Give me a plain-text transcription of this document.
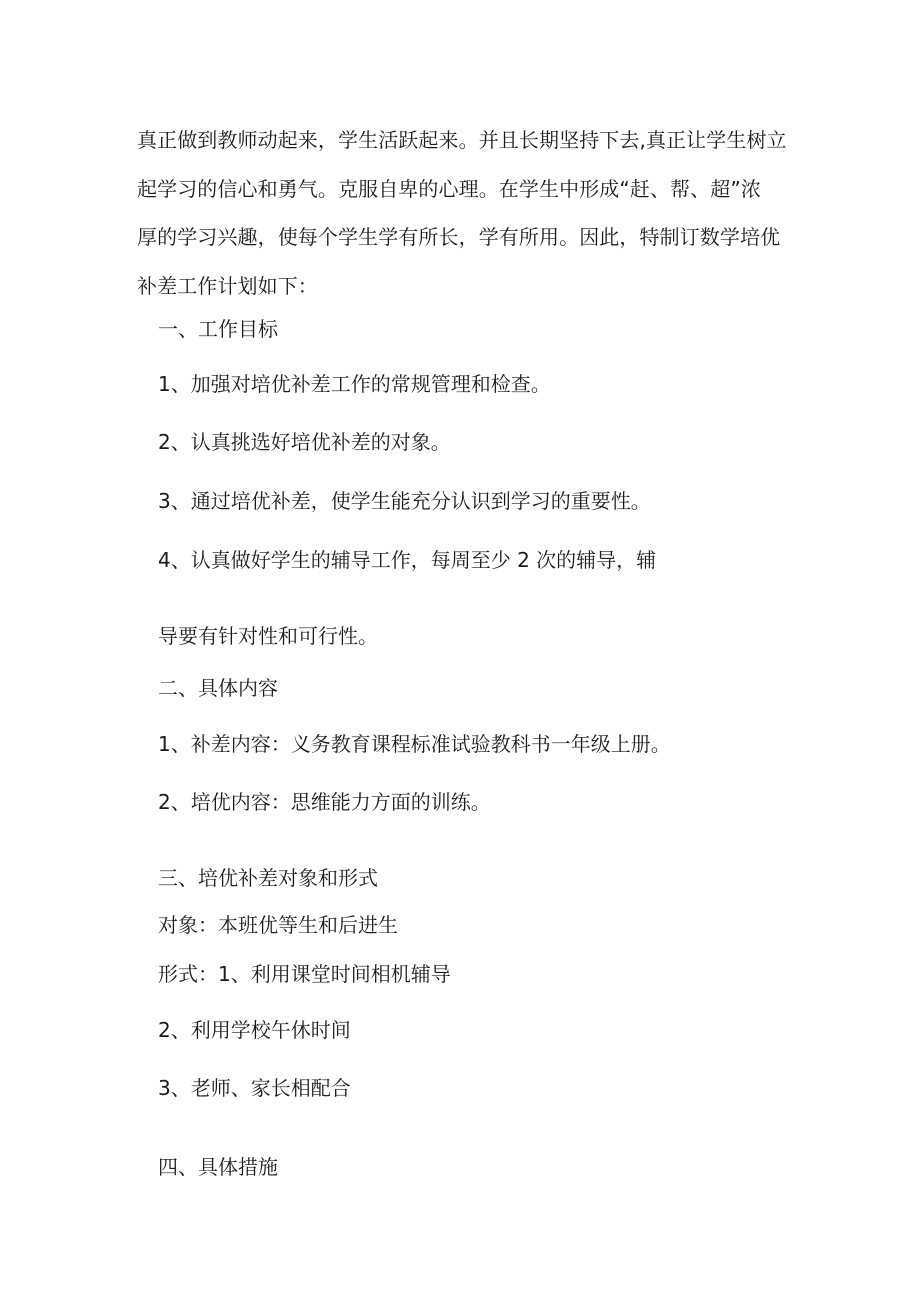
真正做到教师动起来，学生活跃起来。并且长期坚持下去,真正让学生树立
起学习的信心和勇气。克服自卑的心理。在学生中形成“赶、帮、超”浓
厚的学习兴趣，使每个学生学有所长，学有所用。因此，特制订数学培优
补差工作计划如下：

一、工作目标

1、加强对培优补差工作的常规管理和检查。

2、认真挑选好培优补差的对象。

3、通过培优补差，使学生能充分认识到学习的重要性。

4、认真做好学生的辅导工作，每周至少 2 次的辅导，辅

导要有针对性和可行性。

二、具体内容

1、补差内容：义务教育课程标准试验教科书一年级上册。

2、培优内容：思维能力方面的训练。

三、培优补差对象和形式

对象：本班优等生和后进生

形式：1、利用课堂时间相机辅导

2、利用学校午休时间

3、老师、家长相配合

四、具体措施
